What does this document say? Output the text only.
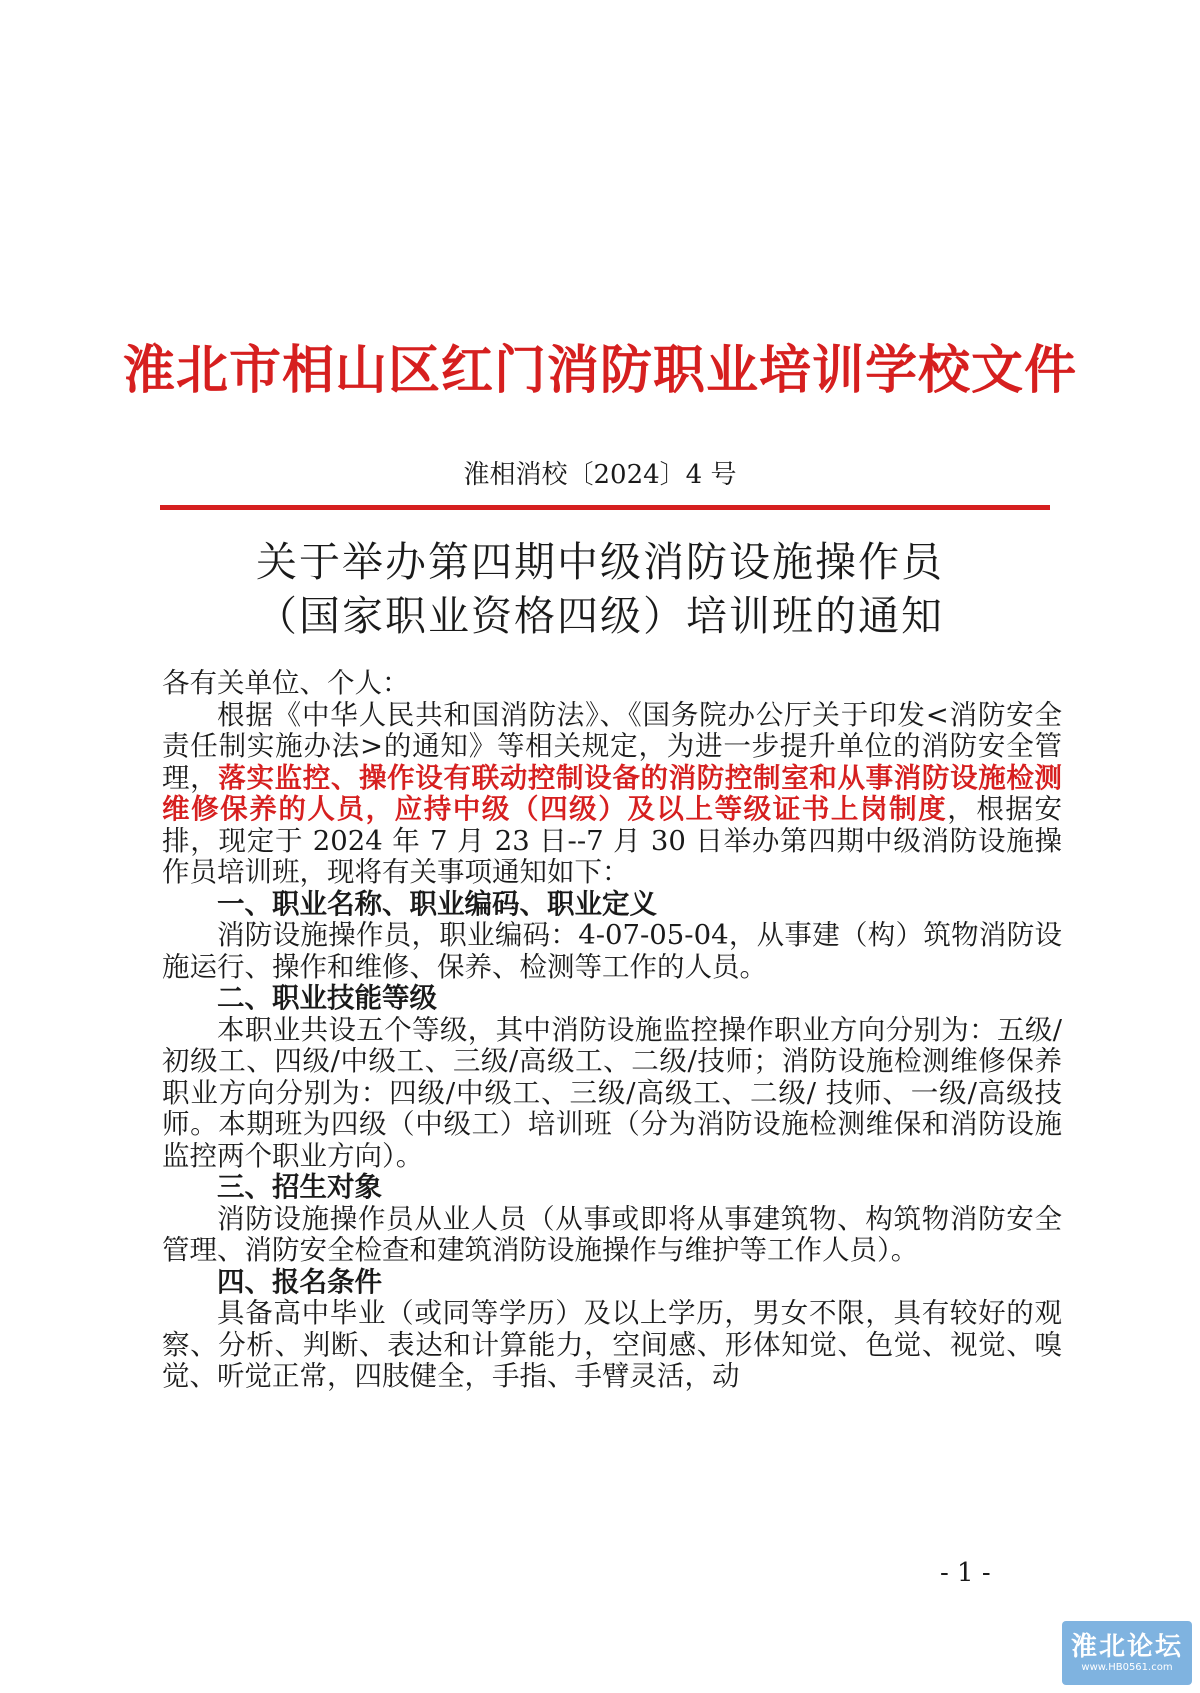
淮北市相山区红门消防职业培训学校文件
淮相消校〔2024〕4 号
关于举办第四期中级消防设施操作员
（国家职业资格四级）培训班的通知

各有关单位、个人：

根据《中华人民共和国消防法》、《国务院办公厅关于印发<消防安全责任制实施办法>的通知》等相关规定，为进一步提升单位的消防安全管理，落实监控、操作设有联动控制设备的消防控制室和从事消防设施检测维修保养的人员，应持中级（四级）及以上等级证书上岗制度，根据安排，现定于 2024 年 7 月 23 日--7 月 30 日举办第四期中级消防设施操作员培训班，现将有关事项通知如下：

一、职业名称、职业编码、职业定义

消防设施操作员，职业编码：4-07-05-04，从事建（构）筑物消防设施运行、操作和维修、保养、检测等工作的人员。

二、职业技能等级

本职业共设五个等级，其中消防设施监控操作职业方向分别为：五级/初级工、四级/中级工、三级/高级工、二级/技师；消防设施检测维修保养职业方向分别为：四级/中级工、三级/高级工、二级/ 技师、一级/高级技师。本期班为四级（中级工）培训班（分为消防设施检测维保和消防设施监控两个职业方向）。

三、招生对象

消防设施操作员从业人员（从事或即将从事建筑物、构筑物消防安全管理、消防安全检查和建筑消防设施操作与维护等工作人员）。

四、报名条件

具备高中毕业（或同等学历）及以上学历，男女不限，具有较好的观察、分析、判断、表达和计算能力，空间感、形体知觉、色觉、视觉、嗅觉、听觉正常，四肢健全，手指、手臂灵活，动

- 1 -
淮北论坛
www.HB0561.com
